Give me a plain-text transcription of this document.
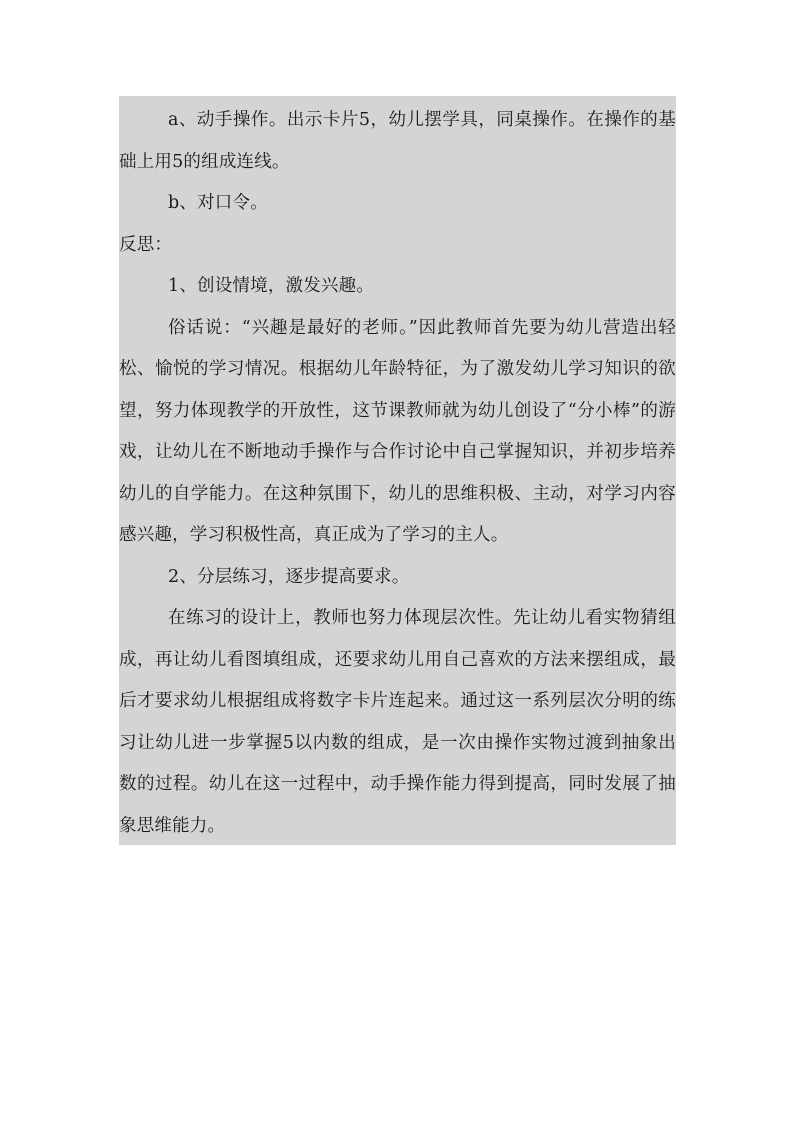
a、动手操作。出示卡片5，幼儿摆学具，同桌操作。在操作的基础上用5的组成连线。

b、对口令。

反思：

1、创设情境，激发兴趣。

俗话说：“兴趣是最好的老师。”因此教师首先要为幼儿营造出轻松、愉悦的学习情况。根据幼儿年龄特征，为了激发幼儿学习知识的欲望，努力体现教学的开放性，这节课教师就为幼儿创设了“分小棒”的游戏，让幼儿在不断地动手操作与合作讨论中自己掌握知识，并初步培养幼儿的自学能力。在这种氛围下，幼儿的思维积极、主动，对学习内容感兴趣，学习积极性高，真正成为了学习的主人。

2、分层练习，逐步提高要求。

在练习的设计上，教师也努力体现层次性。先让幼儿看实物猜组成，再让幼儿看图填组成，还要求幼儿用自己喜欢的方法来摆组成，最后才要求幼儿根据组成将数字卡片连起来。通过这一系列层次分明的练习让幼儿进一步掌握5以内数的组成，是一次由操作实物过渡到抽象出数的过程。幼儿在这一过程中，动手操作能力得到提高，同时发展了抽象思维能力。
